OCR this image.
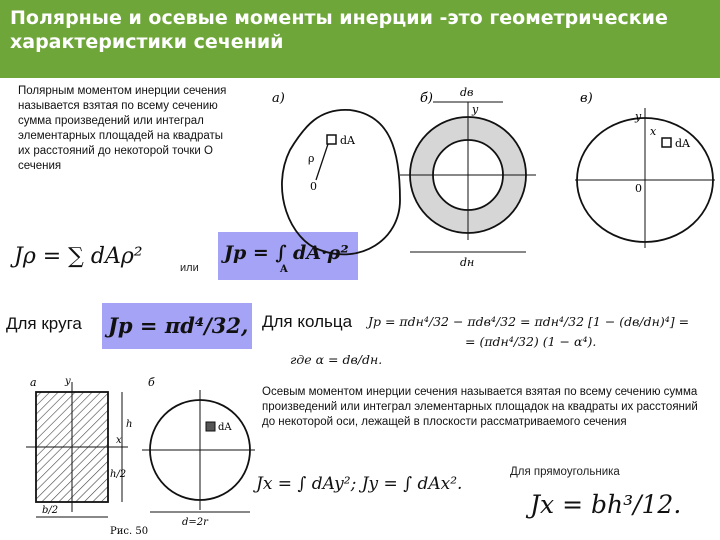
Полярные и осевые моменты инерции -это геометрические характеристики сечений
Полярным моментом инерции сечения называется взятая по всему сечению сумма произведений или интеграл элементарных площадей на квадраты их расстояний до некоторой точки О сечения
Jρ = ∑ dAρ²	или
Jp = ∫ dA·ρ²
A
а)
dA
ρ
0
б) dв
dн
y
в)
dA
y
x
0
Для круга Jp = πd⁴/32, Для кольца Jp = πdн⁴/32 − πdв⁴/32 = πdн⁴/32 [1 − (dв/dн)⁴] =
= (πdн⁴/32) (1 − α⁴).
где α = dв/dн.
а	y
x
h
h/2
b/2
б
dA
d=2r
Рис. 50
Осевым моментом инерции сечения называется взятая по всему сечению сумма произведений или интеграл элементарных площадок на квадраты их расстояний до некоторой оси, лежащей в плоскости рассматриваемого сечения
Для прямоугольника
Jx = ∫ dAy²; Jy = ∫ dAx².
Jx = bh³/12.
